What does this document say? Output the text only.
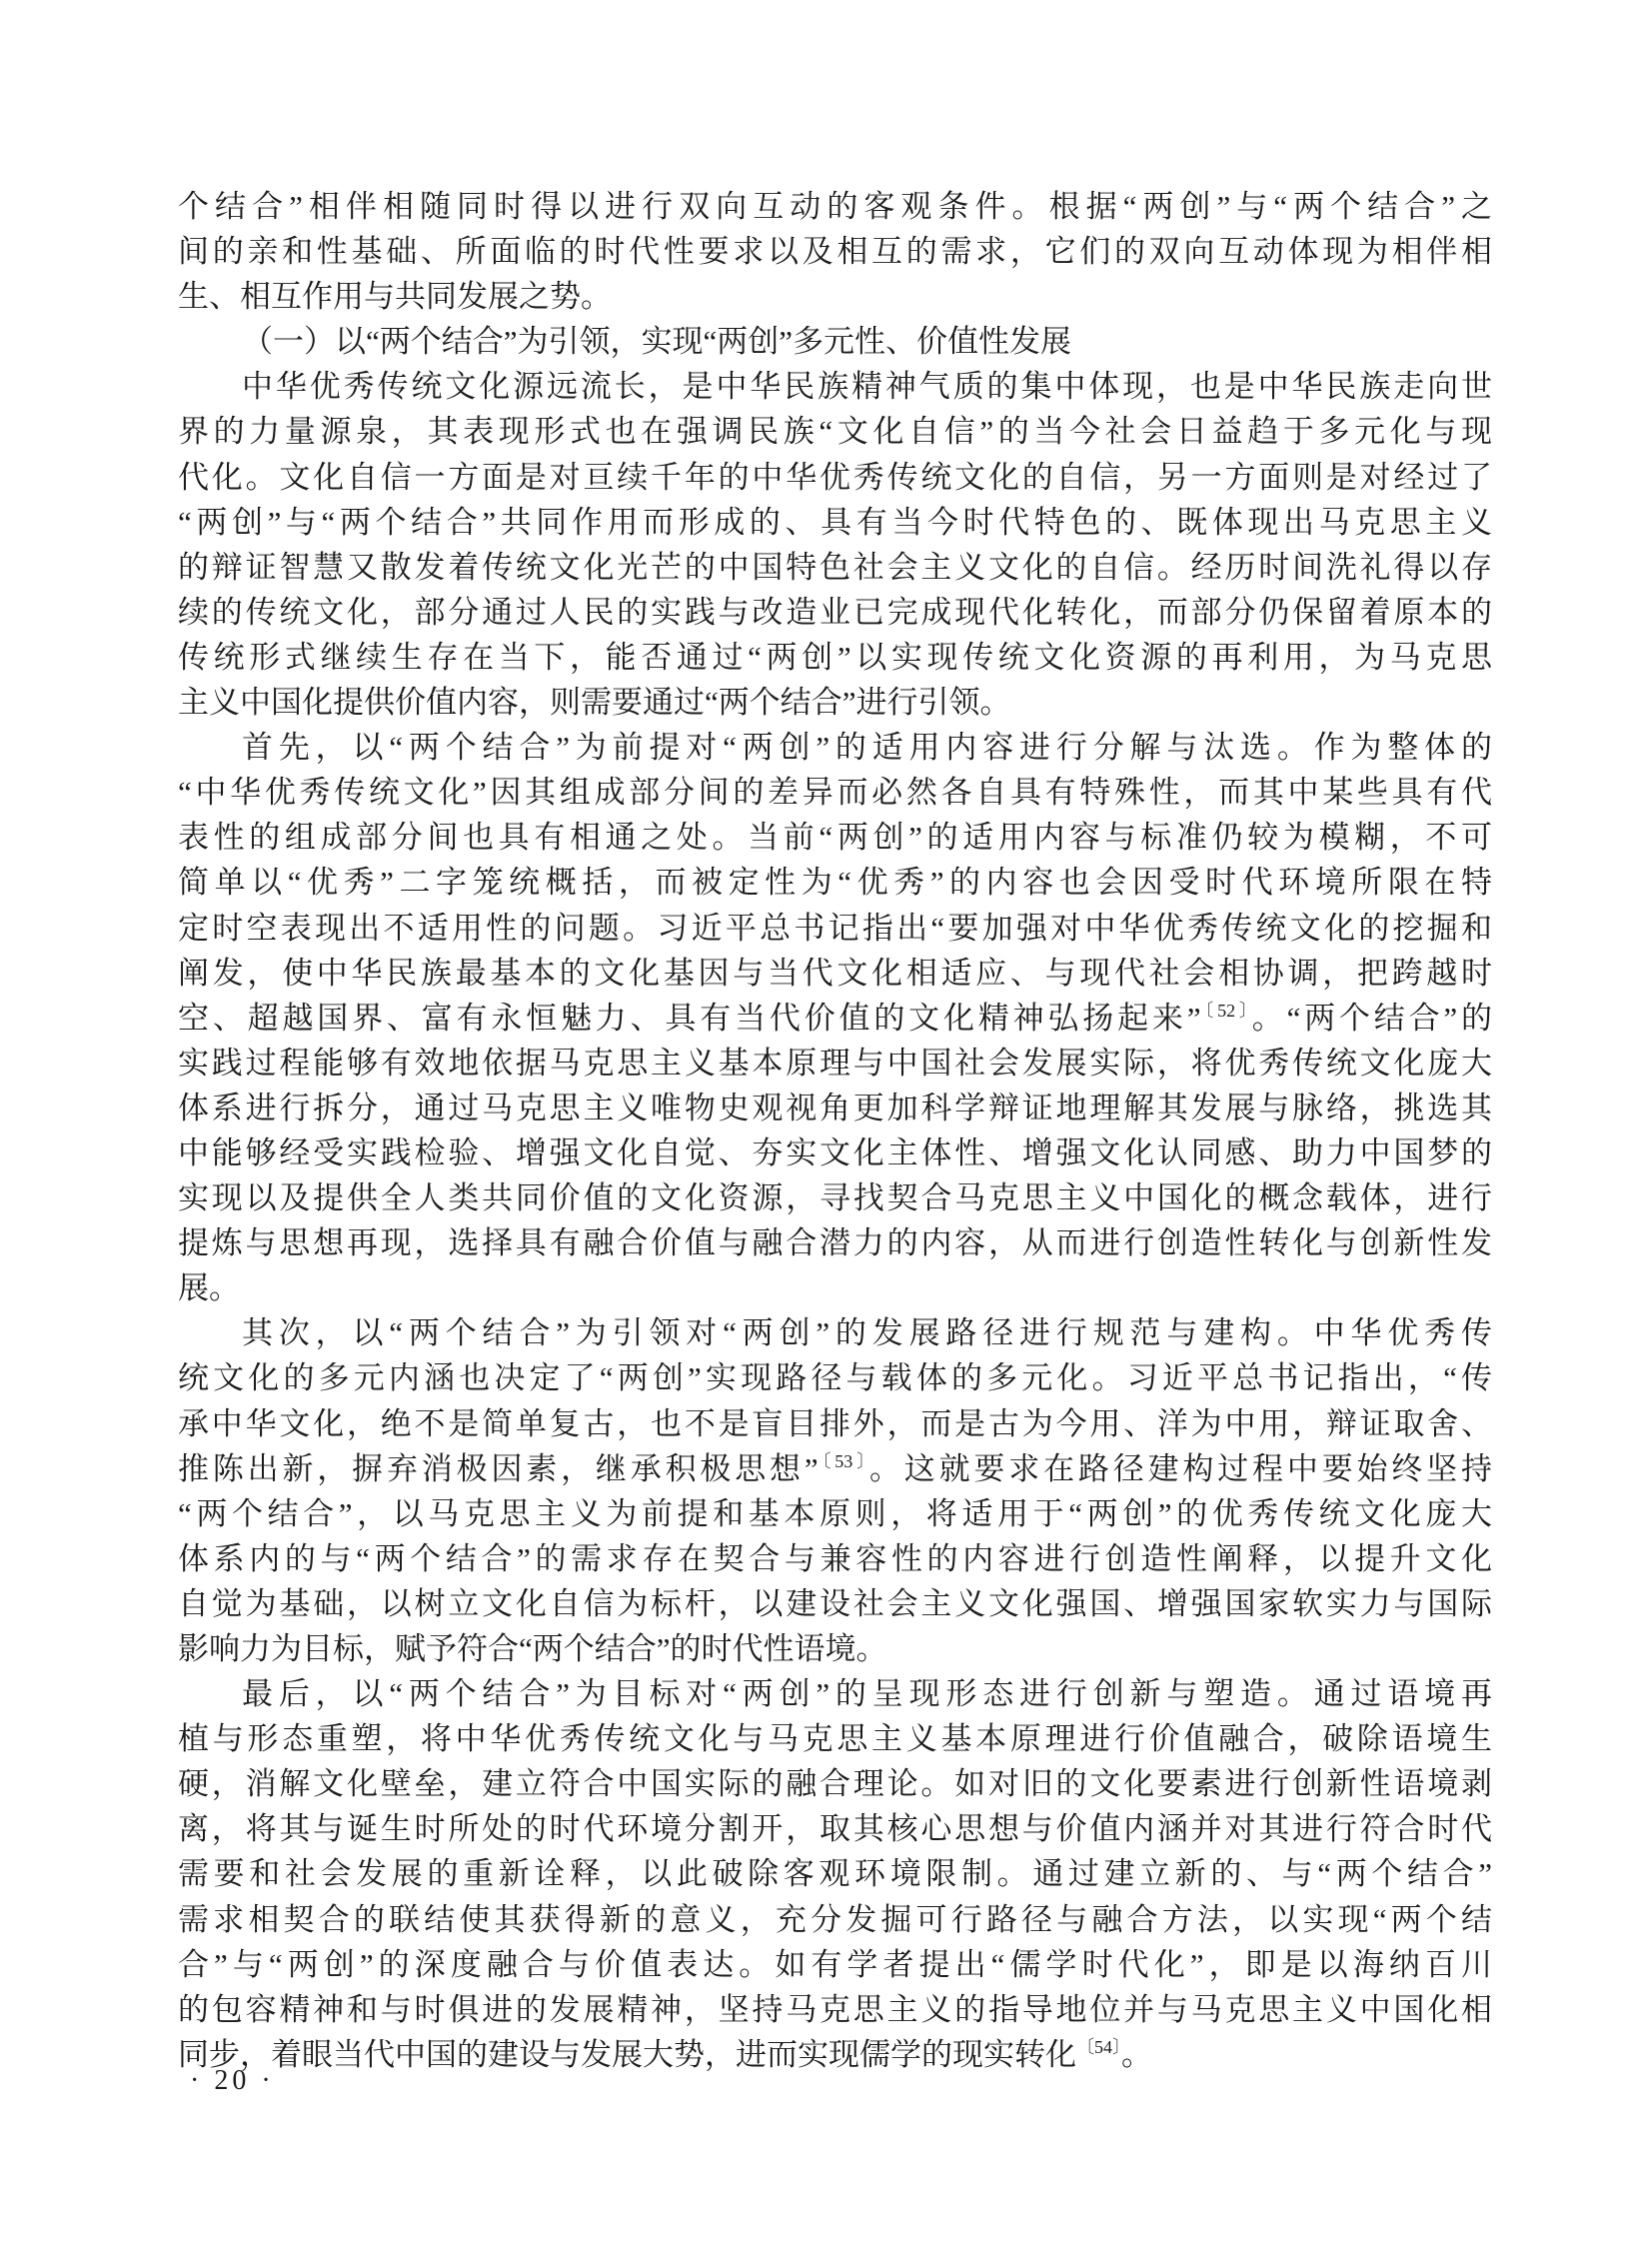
个结合”相伴相随同时得以进行双向互动的客观条件。根据“两创”与“两个结合”之
间的亲和性基础、所面临的时代性要求以及相互的需求，它们的双向互动体现为相伴相
生、相互作用与共同发展之势。
（一）以“两个结合”为引领，实现“两创”多元性、价值性发展
中华优秀传统文化源远流长，是中华民族精神气质的集中体现，也是中华民族走向世
界的力量源泉，其表现形式也在强调民族“文化自信”的当今社会日益趋于多元化与现
代化。文化自信一方面是对亘续千年的中华优秀传统文化的自信，另一方面则是对经过了
“两创”与“两个结合”共同作用而形成的、具有当今时代特色的、既体现出马克思主义
的辩证智慧又散发着传统文化光芒的中国特色社会主义文化的自信。经历时间洗礼得以存
续的传统文化，部分通过人民的实践与改造业已完成现代化转化，而部分仍保留着原本的
传统形式继续生存在当下，能否通过“两创”以实现传统文化资源的再利用，为马克思
主义中国化提供价值内容，则需要通过“两个结合”进行引领。
首先，以“两个结合”为前提对“两创”的适用内容进行分解与汰选。作为整体的
“中华优秀传统文化”因其组成部分间的差异而必然各自具有特殊性，而其中某些具有代
表性的组成部分间也具有相通之处。当前“两创”的适用内容与标准仍较为模糊，不可
简单以“优秀”二字笼统概括，而被定性为“优秀”的内容也会因受时代环境所限在特
定时空表现出不适用性的问题。习近平总书记指出“要加强对中华优秀传统文化的挖掘和
阐发，使中华民族最基本的文化基因与当代文化相适应、与现代社会相协调，把跨越时
空、超越国界、富有永恒魅力、具有当代价值的文化精神弘扬起来”$^{〔52〕}$。“两个结合”的
实践过程能够有效地依据马克思主义基本原理与中国社会发展实际，将优秀传统文化庞大
体系进行拆分，通过马克思主义唯物史观视角更加科学辩证地理解其发展与脉络，挑选其
中能够经受实践检验、增强文化自觉、夯实文化主体性、增强文化认同感、助力中国梦的
实现以及提供全人类共同价值的文化资源，寻找契合马克思主义中国化的概念载体，进行
提炼与思想再现，选择具有融合价值与融合潜力的内容，从而进行创造性转化与创新性发
展。
其次，以“两个结合”为引领对“两创”的发展路径进行规范与建构。中华优秀传
统文化的多元内涵也决定了“两创”实现路径与载体的多元化。习近平总书记指出，“传
承中华文化，绝不是简单复古，也不是盲目排外，而是古为今用、洋为中用，辩证取舍、
推陈出新，摒弃消极因素，继承积极思想”$^{〔53〕}$。这就要求在路径建构过程中要始终坚持
“两个结合”，以马克思主义为前提和基本原则，将适用于“两创”的优秀传统文化庞大
体系内的与“两个结合”的需求存在契合与兼容性的内容进行创造性阐释，以提升文化
自觉为基础，以树立文化自信为标杆，以建设社会主义文化强国、增强国家软实力与国际
影响力为目标，赋予符合“两个结合”的时代性语境。
最后，以“两个结合”为目标对“两创”的呈现形态进行创新与塑造。通过语境再
植与形态重塑，将中华优秀传统文化与马克思主义基本原理进行价值融合，破除语境生
硬，消解文化壁垒，建立符合中国实际的融合理论。如对旧的文化要素进行创新性语境剥
离，将其与诞生时所处的时代环境分割开，取其核心思想与价值内涵并对其进行符合时代
需要和社会发展的重新诠释，以此破除客观环境限制。通过建立新的、与“两个结合”
需求相契合的联结使其获得新的意义，充分发掘可行路径与融合方法，以实现“两个结
合”与“两创”的深度融合与价值表达。如有学者提出“儒学时代化”，即是以海纳百川
的包容精神和与时俱进的发展精神，坚持马克思主义的指导地位并与马克思主义中国化相
同步，着眼当代中国的建设与发展大势，进而实现儒学的现实转化$^{〔54〕}$。
· 20 ·
